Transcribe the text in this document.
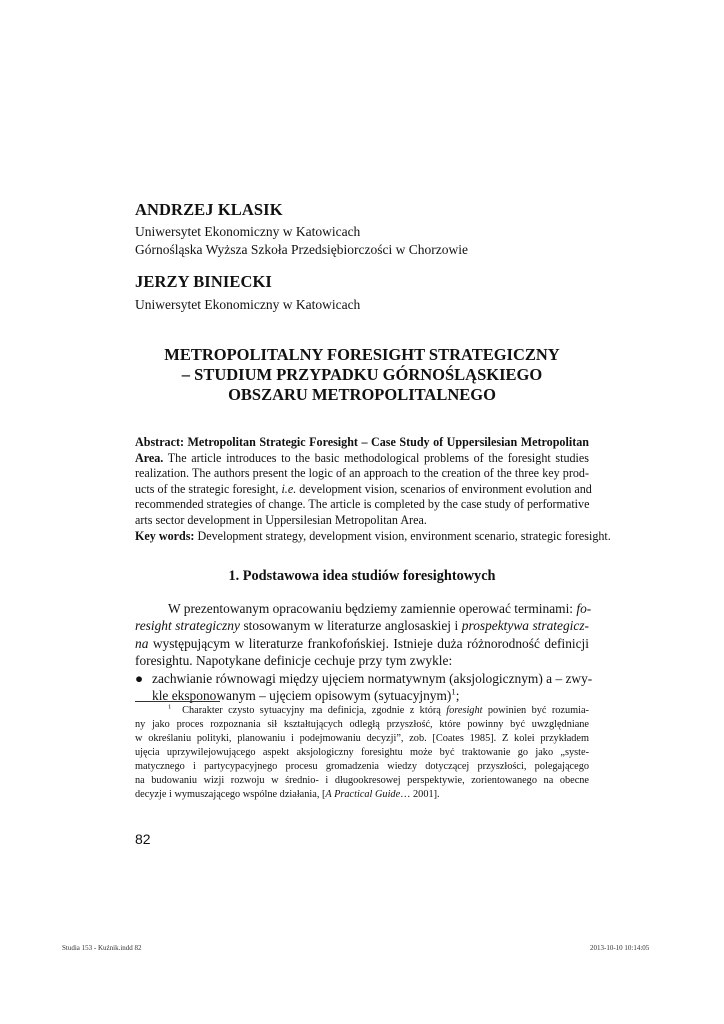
ANDRZEJ KLASIK
Uniwersytet Ekonomiczny w Katowicach
Górnośląska Wyższa Szkoła Przedsiębiorczości w Chorzowie
JERZY BINIECKI
Uniwersytet Ekonomiczny w Katowicach
METROPOLITALNY FORESIGHT STRATEGICZNY
– STUDIUM PRZYPADKU GÓRNOŚLĄSKIEGO
OBSZARU METROPOLITALNEGO
Abstract: Metropolitan Strategic Foresight – Case Study of Uppersilesian Metropolitan
Area. The article introduces to the basic methodological problems of the foresight studies
realization. The authors present the logic of an approach to the creation of the three key prod-
ucts of the strategic foresight, i.e. development vision, scenarios of environment evolution and
recommended strategies of change. The article is completed by the case study of performative
arts sector development in Uppersilesian Metropolitan Area.
Key words: Development strategy, development vision, environment scenario, strategic foresight.
1. Podstawowa idea studiów foresightowych
W prezentowanym opracowaniu będziemy zamiennie operować terminami: fo-
resight strategiczny stosowanym w literaturze anglosaskiej i prospektywa strategicz-
na występującym w literaturze frankofońskiej. Istnieje duża różnorodność definicji
foresightu. Napotykane definicje cechuje przy tym zwykle:
● zachwianie równowagi między ujęciem normatywnym (aksjologicznym) a – zwy-
kle eksponowanym – ujęciem opisowym (sytuacyjnym)$^1$;
$^1$ Charakter czysto sytuacyjny ma definicja, zgodnie z którą foresight powinien być rozumia-
ny jako proces rozpoznania sił kształtujących odległą przyszłość, które powinny być uwzględniane
w określaniu polityki, planowaniu i podejmowaniu decyzji”, zob. [Coates 1985]. Z kolei przykładem
ujęcia uprzywilejowującego aspekt aksjologiczny foresightu może być traktowanie go jako „syste-
matycznego i partycypacyjnego procesu gromadzenia wiedzy dotyczącej przyszłości, polegającego
na budowaniu wizji rozwoju w średnio- i długookresowej perspektywie, zorientowanego na obecne
decyzje i wymuszającego wspólne działania, [A Practical Guide… 2001].
82
Studia 153 - Kuźnik.indd 82	2013-10-10 10:14:05
